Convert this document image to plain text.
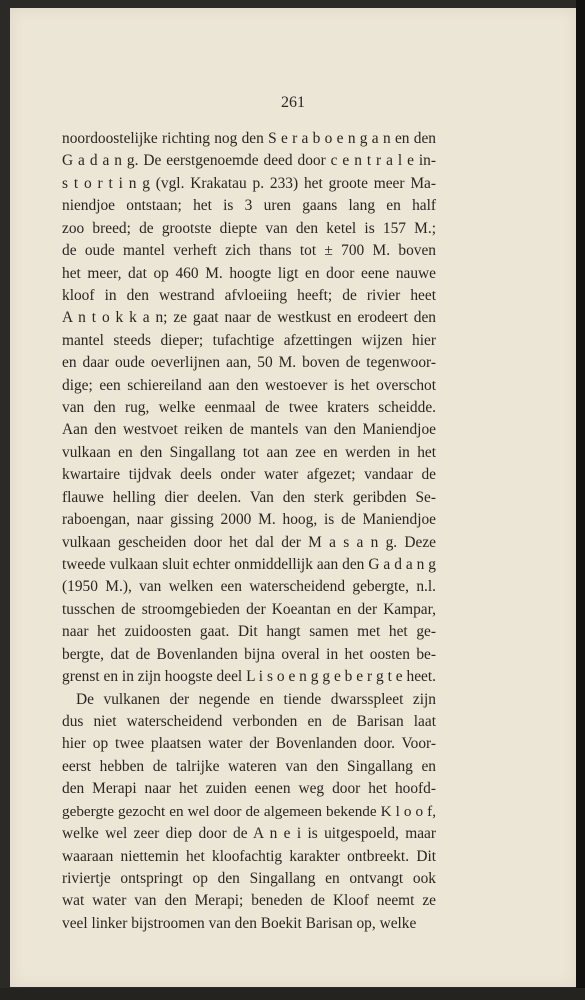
261

noordoostelijke richting nog den S e r a b o e n g a n en den
G a d a n g. De eerstgenoemde deed door c e n t r a l e in-
s t o r t i n g (vgl. Krakatau p. 233) het groote meer Ma-
niendjoe ontstaan; het is 3 uren gaans lang en half
zoo breed; de grootste diepte van den ketel is 157 M.;
de oude mantel verheft zich thans tot ± 700 M. boven
het meer, dat op 460 M. hoogte ligt en door eene nauwe
kloof in den westrand afvloeiing heeft; de rivier heet
A n t o k k a n; ze gaat naar de westkust en erodeert den
mantel steeds dieper; tufachtige afzettingen wijzen hier
en daar oude oeverlijnen aan, 50 M. boven de tegenwoor-
dige; een schiereiland aan den westoever is het overschot
van den rug, welke eenmaal de twee kraters scheidde.
Aan den westvoet reiken de mantels van den Maniendjoe
vulkaan en den Singallang tot aan zee en werden in het
kwartaire tijdvak deels onder water afgezet; vandaar de
flauwe helling dier deelen. Van den sterk geribden Se-
raboengan, naar gissing 2000 M. hoog, is de Maniendjoe
vulkaan gescheiden door het dal der M a s a n g. Deze
tweede vulkaan sluit echter onmiddellijk aan den G a d a n g
(1950 M.), van welken een waterscheidend gebergte, n.l.
tusschen de stroomgebieden der Koeantan en der Kampar,
naar het zuidoosten gaat. Dit hangt samen met het ge-
bergte, dat de Bovenlanden bijna overal in het oosten be-
grenst en in zijn hoogste deel L i s o e n g g e b e r g t e heet.
De vulkanen der negende en tiende dwarsspleet zijn
dus niet waterscheidend verbonden en de Barisan laat
hier op twee plaatsen water der Bovenlanden door. Voor-
eerst hebben de talrijke wateren van den Singallang en
den Merapi naar het zuiden eenen weg door het hoofd-
gebergte gezocht en wel door de algemeen bekende K l o o f,
welke wel zeer diep door de A n e i is uitgespoeld, maar
waaraan niettemin het kloofachtig karakter ontbreekt. Dit
riviertje ontspringt op den Singallang en ontvangt ook
wat water van den Merapi; beneden de Kloof neemt ze
veel linker bijstroomen van den Boekit Barisan op, welke
